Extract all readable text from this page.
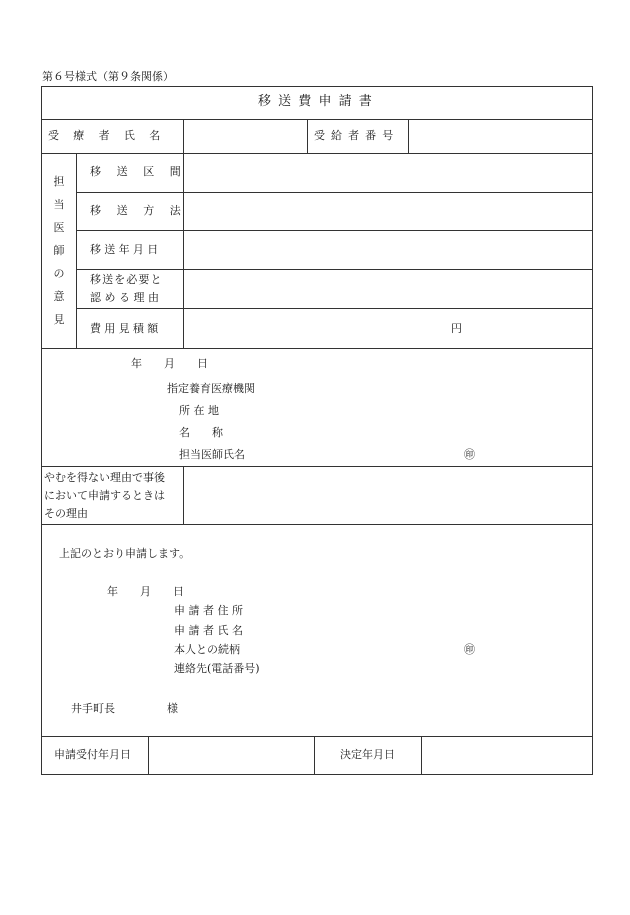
第６号様式（第９条関係）
移送費申請書
受　療　者　氏　名	受給者番号
担
当
医
師
の
意
見
移 送 区 間
移 送 方 法
移送年月日
移送を必要と
認 め る 理 由
費用見積額	円
年　　月　　日
指定養育医療機関
所 在 地
名　　称
担当医師氏名	㊞
やむを得ない理由で事後
において申請するときは
その理由
上記のとおり申請します。
年　　月　　日
申 請 者 住 所
申 請 者 氏 名
本人との続柄	㊞
連絡先(電話番号)
井手町長	様
申請受付年月日	決定年月日
